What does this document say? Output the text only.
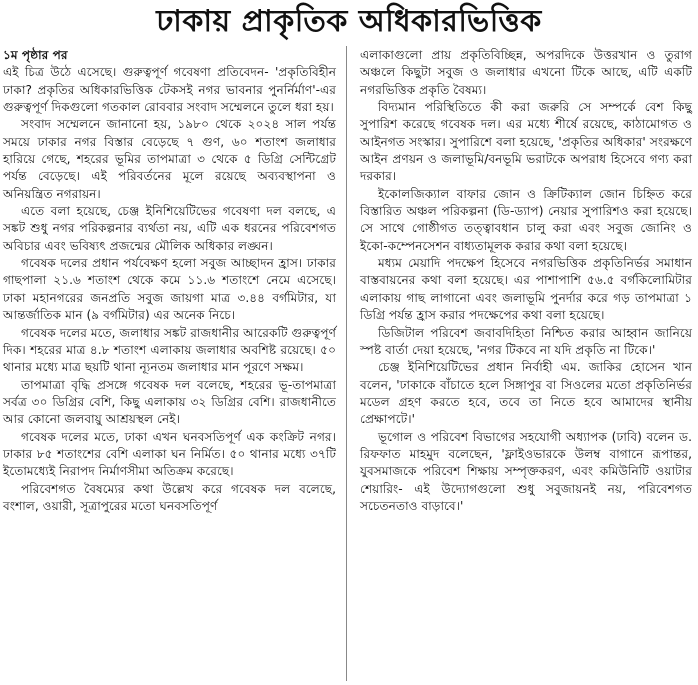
ঢাকায় প্রাকৃতিক অধিকারভিত্তিক
১ম পৃষ্ঠার পর

এই চিত্র উঠে এসেছে। গুরুত্বপূর্ণ গবেষণা প্রতিবেদন- 'প্রকৃতিবিহীন ঢাকা? প্রকৃতির অধিকারভিত্তিক টেকসই নগর ভাবনার পুনর্নির্মাণ'-এর গুরুত্বপূর্ণ দিকগুলো গতকাল রোববার সংবাদ সম্মেলনে তুলে ধরা হয়।

সংবাদ সম্মেলনে জানানো হয়, ১৯৮০ থেকে ২০২৪ সাল পর্যন্ত সময়ে ঢাকার নগর বিস্তার বেড়েছে ৭ গুণ, ৬০ শতাংশ জলাধার হারিয়ে গেছে, শহরের ভূমির তাপমাত্রা ৩ থেকে ৫ ডিগ্রি সেন্টিগ্রেট পর্যন্ত বেড়েছে। এই পরিবর্তনের মূলে রয়েছে অব্যবস্থাপনা ও অনিয়ন্ত্রিত নগরায়ন।

এতে বলা হয়েছে, চেঞ্জ ইনিশিয়েটিভের গবেষণা দল বলছে, এ সঙ্কট শুধু নগর পরিকল্পনার ব্যর্থতা নয়, এটি এক ধরনের পরিবেশগত অবিচার এবং ভবিষ্যৎ প্রজন্মের মৌলিক অধিকার লঙ্ঘন।

গবেষক দলের প্রধান পর্যবেক্ষণ হলো সবুজ আচ্ছাদন হ্রাস। ঢাকার গাছপালা ২১.৬ শতাংশ থেকে কমে ১১.৬ শতাংশে নেমে এসেছে। ঢাকা মহানগরের জনপ্রতি সবুজ জায়গা মাত্র ৩.৪৪ বর্গমিটার, যা আন্তর্জাতিক মান (৯ বর্গমিটার) এর অনেক নিচে।

গবেষক দলের মতে, জলাধার সঙ্কট রাজধানীর আরেকটি গুরুত্বপূর্ণ দিক। শহরের মাত্র ৪.৮ শতাংশ এলাকায় জলাধার অবশিষ্ট রয়েছে। ৫০ থানার মধ্যে মাত্র ছয়টি থানা ন্যূনতম জলাধার মান পূরণে সক্ষম।

তাপমাত্রা বৃদ্ধি প্রসঙ্গে গবেষক দল বলেছে, শহরের ভূ-তাপমাত্রা সর্বত্র ৩০ ডিগ্রির বেশি, কিছু এলাকায় ৩২ ডিগ্রির বেশি। রাজধানীতে আর কোনো জলবায়ু আশ্রয়স্থল নেই।

গবেষক দলের মতে, ঢাকা এখন ঘনবসতিপূর্ণ এক কংক্রিট নগর। ঢাকার ৮৫ শতাংশের বেশি এলাকা ঘন নির্মিত। ৫০ থানার মধ্যে ৩৭টি ইতোমধ্যেই নিরাপদ নির্মাণসীমা অতিক্রম করেছে।

পরিবেশগত বৈষম্যের কথা উল্লেখ করে গবেষক দল বলেছে, বংশাল, ওয়ারী, সূত্রাপুরের মতো ঘনবসতিপূর্ণ

এলাকাগুলো প্রায় প্রকৃতিবিচ্ছিন্ন, অপরদিকে উত্তরখান ও তুরাগ অঞ্চলে কিছুটা সবুজ ও জলাধার এখনো টিকে আছে, এটি একটি নগরভিত্তিক প্রকৃতি বৈষম্য।

বিদ্যমান পরিস্থিতিতে কী করা জরুরি সে সম্পর্কে বেশ কিছু সুপারিশ করেছে গবেষক দল। এর মধ্যে শীর্ষে রয়েছে, কাঠামোগত ও আইনগত সংস্কার। সুপারিশে বলা হয়েছে, 'প্রকৃতির অধিকার' সংরক্ষণে আইন প্রণয়ন ও জলাভূমি/বনভূমি ভরাটকে অপরাধ হিসেবে গণ্য করা দরকার।

ইকোলজিক্যাল বাফার জোন ও ক্রিটিক্যাল জোন চিহ্নিত করে বিস্তারিত অঞ্চল পরিকল্পনা (ডি-ড্যাপ) নেয়ার সুপারিশও করা হয়েছে। সে সাথে গোষ্ঠীগত তত্ত্বাবধান চালু করা এবং সবুজ জোনিং ও ইকো-কম্পেনসেশন বাধ্যতামূলক করার কথা বলা হয়েছে।

মধ্যম মেয়াদি পদক্ষেপ হিসেবে নগরভিত্তিক প্রকৃতিনির্ভর সমাধান বাস্তবায়নের কথা বলা হয়েছে। এর পাশাপাশি ৫৬.৫ বর্গকিলোমিটার এলাকায় গাছ লাগানো এবং জলাভূমি পুনর্দার করে গড় তাপমাত্রা ১ ডিগ্রি পর্যন্ত হ্রাস করার পদক্ষেপের কথা বলা হয়েছে।

ডিজিটাল পরিবেশ জবাবদিহিতা নিশ্চিত করার আহ্বান জানিয়ে স্পষ্ট বার্তা দেয়া হয়েছে, 'নগর টিকবে না যদি প্রকৃতি না টিকে।'

চেঞ্জ ইনিশিয়েটিভের প্রধান নির্বাহী এম. জাকির হোসেন খান বলেন, 'ঢাকাকে বাঁচাতে হলে সিঙ্গাপুর বা সিওলের মতো প্রকৃতিনির্ভর মডেল গ্রহণ করতে হবে, তবে তা নিতে হবে আমাদের স্থানীয় প্রেক্ষাপটে।'

ভূগোল ও পরিবেশ বিভাগের সহযোগী অধ্যাপক (ঢাবি) বলেন ড. রিফফাত মাহমুদ বলেছেন, 'ফ্লাইওভারকে উলম্ব বাগানে রূপান্তর, যুবসমাজকে পরিবেশ শিক্ষায় সম্পৃক্তকরণ, এবং কমিউনিটি ওয়াটার শেয়ারিং- এই উদ্যোগগুলো শুধু সবুজায়নই নয়, পরিবেশগত সচেতনতাও বাড়াবে।'
